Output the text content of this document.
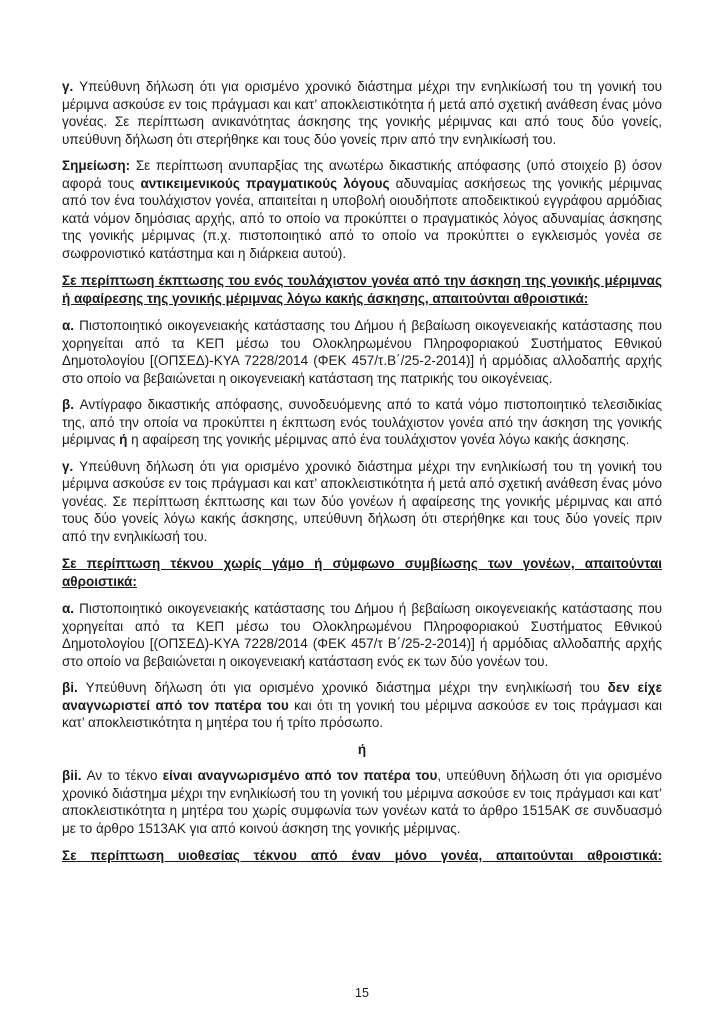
γ. Υπεύθυνη δήλωση ότι για ορισμένο χρονικό διάστημα μέχρι την ενηλικίωσή του τη γονική του μέριμνα ασκούσε εν τοις πράγμασι και κατ’ αποκλειστικότητα ή μετά από σχετική ανάθεση ένας μόνο γονέας. Σε περίπτωση ανικανότητας άσκησης της γονικής μέριμνας και από τους δύο γονείς, υπεύθυνη δήλωση ότι στερήθηκε και τους δύο γονείς πριν από την ενηλικίωσή του.

Σημείωση: Σε περίπτωση ανυπαρξίας της ανωτέρω δικαστικής απόφασης (υπό στοιχείο β) όσον αφορά τους αντικειμενικούς πραγματικούς λόγους αδυναμίας ασκήσεως της γονικής μέριμνας από τον ένα τουλάχιστον γονέα, απαιτείται η υποβολή οιουδήποτε αποδεικτικού εγγράφου αρμόδιας κατά νόμον δημόσιας αρχής, από το οποίο να προκύπτει ο πραγματικός λόγος αδυναμίας άσκησης της γονικής μέριμνας (π.χ. πιστοποιητικό από το οποίο να προκύπτει ο εγκλεισμός γονέα σε σωφρονιστικό κατάστημα και η διάρκεια αυτού).

Σε περίπτωση έκπτωσης του ενός τουλάχιστον γονέα από την άσκηση της γονικής μέριμνας ή αφαίρεσης της γονικής μέριμνας λόγω κακής άσκησης, απαιτούνται αθροιστικά:

α. Πιστοποιητικό οικογενειακής κατάστασης του Δήμου ή βεβαίωση οικογενειακής κατάστασης που χορηγείται από τα ΚΕΠ μέσω του Ολοκληρωμένου Πληροφοριακού Συστήματος Εθνικού Δημοτολογίου [(ΟΠΣΕΔ)-ΚΥΑ 7228/2014 (ΦΕΚ 457/τ.Β΄/25-2-2014)] ή αρμόδιας αλλοδαπής αρχής στο οποίο να βεβαιώνεται η οικογενειακή κατάσταση της πατρικής του οικογένειας.

β. Αντίγραφο δικαστικής απόφασης, συνοδευόμενης από το κατά νόμο πιστοποιητικό τελεσιδικίας της, από την οποία να προκύπτει η έκπτωση ενός τουλάχιστον γονέα από την άσκηση της γονικής μέριμνας ή η αφαίρεση της γονικής μέριμνας από ένα τουλάχιστον γονέα λόγω κακής άσκησης.

γ. Υπεύθυνη δήλωση ότι για ορισμένο χρονικό διάστημα μέχρι την ενηλικίωσή του τη γονική του μέριμνα ασκούσε εν τοις πράγμασι και κατ’ αποκλειστικότητα ή μετά από σχετική ανάθεση ένας μόνο γονέας. Σε περίπτωση έκπτωσης και των δύο γονέων ή αφαίρεσης της γονικής μέριμνας και από τους δύο γονείς λόγω κακής άσκησης, υπεύθυνη δήλωση ότι στερήθηκε και τους δύο γονείς πριν από την ενηλικίωσή του.

Σε περίπτωση τέκνου χωρίς γάμο ή σύμφωνο συμβίωσης των γονέων, απαιτούνται αθροιστικά:

α. Πιστοποιητικό οικογενειακής κατάστασης του Δήμου ή βεβαίωση οικογενειακής κατάστασης που χορηγείται από τα ΚΕΠ μέσω του Ολοκληρωμένου Πληροφοριακού Συστήματος Εθνικού Δημοτολογίου [(ΟΠΣΕΔ)-ΚΥΑ 7228/2014 (ΦΕΚ 457/τ Β΄/25-2-2014)] ή αρμόδιας αλλοδαπής αρχής στο οποίο να βεβαιώνεται η οικογενειακή κατάσταση ενός εκ των δύο γονέων του.

βi. Υπεύθυνη δήλωση ότι για ορισμένο χρονικό διάστημα μέχρι την ενηλικίωσή του δεν είχε αναγνωριστεί από τον πατέρα του και ότι τη γονική του μέριμνα ασκούσε εν τοις πράγμασι και κατ’ αποκλειστικότητα η μητέρα του ή τρίτο πρόσωπο.

ή

βii. Αν το τέκνο είναι αναγνωρισμένο από τον πατέρα του, υπεύθυνη δήλωση ότι για ορισμένο χρονικό διάστημα μέχρι την ενηλικίωσή του τη γονική του μέριμνα ασκούσε εν τοις πράγμασι και κατ’ αποκλειστικότητα η μητέρα του χωρίς συμφωνία των γονέων κατά το άρθρο 1515ΑΚ σε συνδυασμό με το άρθρο 1513ΑΚ για από κοινού άσκηση της γονικής μέριμνας.

Σε περίπτωση υιοθεσίας τέκνου από έναν μόνο γονέα, απαιτούνται αθροιστικά:

15
